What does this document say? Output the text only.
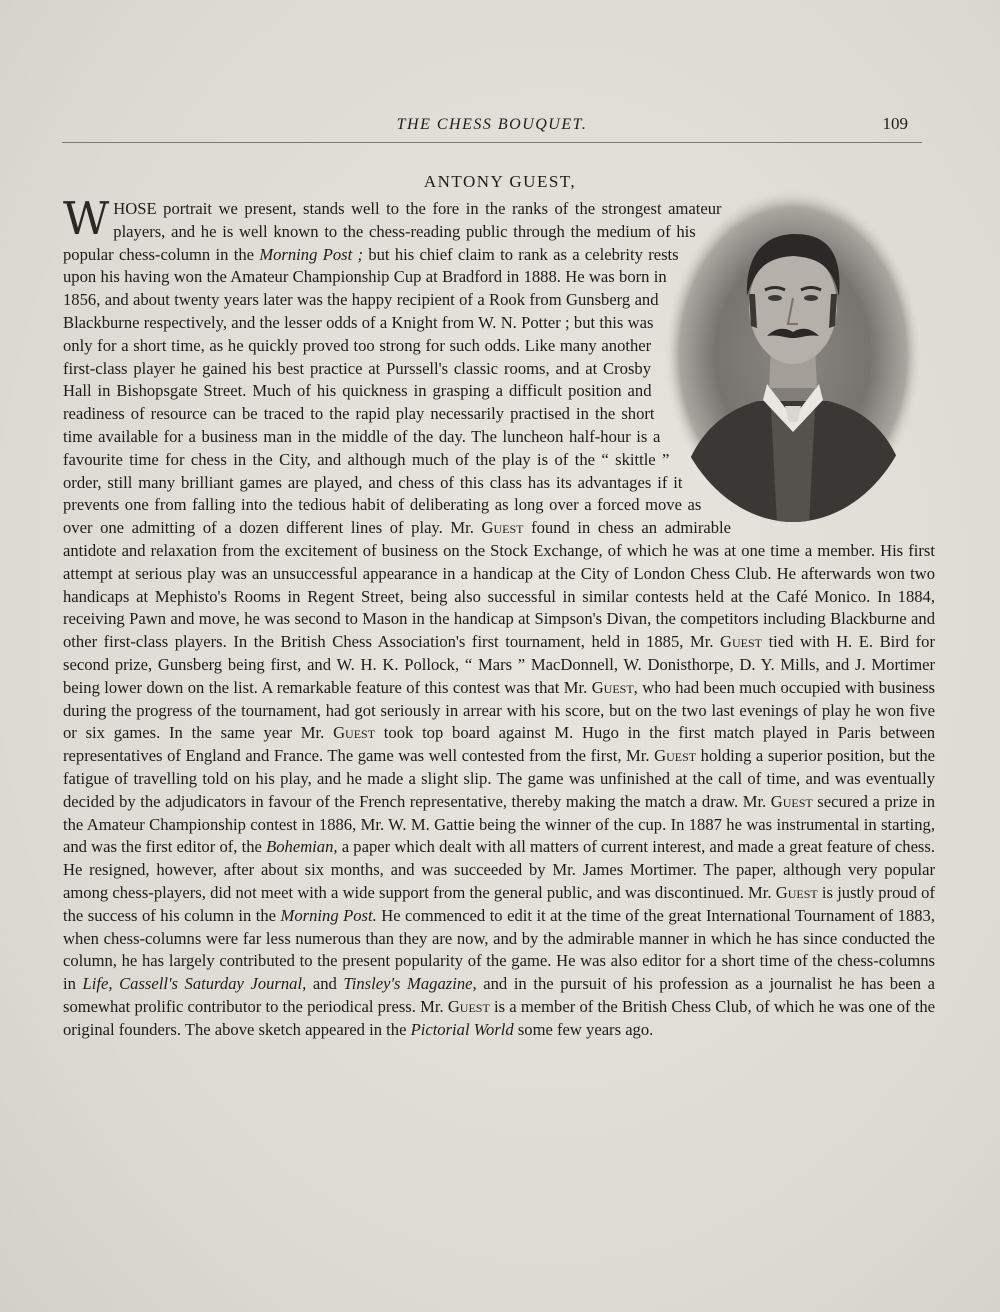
THE CHESS BOUQUET.	109
ANTONY GUEST,
W HOSE portrait we present, stands well to the fore in the ranks of the strongest amateur players, and he is well known to the chess-reading public through the medium of his popular chess-column in the Morning Post ; but his chief claim to rank as a celebrity rests upon his having won the Amateur Championship Cup at Bradford in 1888. He was born in 1856, and about twenty years later was the happy recipient of a Rook from Gunsberg and Blackburne respectively, and the lesser odds of a Knight from W. N. Potter ; but this was only for a short time, as he quickly proved too strong for such odds. Like many another first-class player he gained his best practice at Purssell's classic rooms, and at Crosby Hall in Bishopsgate Street. Much of his quickness in grasping a difficult position and readiness of resource can be traced to the rapid play necessarily practised in the short time available for a business man in the middle of the day. The luncheon half-hour is a favourite time for chess in the City, and although much of the play is of the “ skittle ” order, still many brilliant games are played, and chess of this class has its advantages if it prevents one from falling into the tedious habit of deliberating as long over a forced move as over one admitting of a dozen different lines of play. Mr. Guest found in chess an admirable antidote and relaxation from the excitement of business on the Stock Exchange, of which he was at one time a member. His first attempt at serious play was an unsuccessful appearance in a handicap at the City of London Chess Club. He afterwards won two handicaps at Mephisto's Rooms in Regent Street, being also successful in similar contests held at the Café Monico. In 1884, receiving Pawn and move, he was second to Mason in the handicap at Simpson's Divan, the competitors including Blackburne and other first-class players. In the British Chess Association's first tournament, held in 1885, Mr. Guest tied with H. E. Bird for second prize, Gunsberg being first, and W. H. K. Pollock, “ Mars ” MacDonnell, W. Donisthorpe, D. Y. Mills, and J. Mortimer being lower down on the list. A remarkable feature of this contest was that Mr. Guest, who had been much occupied with business during the progress of the tournament, had got seriously in arrear with his score, but on the two last evenings of play he won five or six games. In the same year Mr. Guest took top board against M. Hugo in the first match played in Paris between representatives of England and France. The game was well contested from the first, Mr. Guest holding a superior position, but the fatigue of travelling told on his play, and he made a slight slip. The game was unfinished at the call of time, and was eventually decided by the adjudicators in favour of the French representative, thereby making the match a draw. Mr. Guest secured a prize in the Amateur Championship contest in 1886, Mr. W. M. Gattie being the winner of the cup. In 1887 he was instrumental in starting, and was the first editor of, the Bohemian, a paper which dealt with all matters of current interest, and made a great feature of chess. He resigned, however, after about six months, and was succeeded by Mr. James Mortimer. The paper, although very popular among chess-players, did not meet with a wide support from the general public, and was discontinued. Mr. Guest is justly proud of the success of his column in the Morning Post. He commenced to edit it at the time of the great International Tournament of 1883, when chess-columns were far less numerous than they are now, and by the admirable manner in which he has since conducted the column, he has largely contributed to the present popularity of the game. He was also editor for a short time of the chess-columns in Life, Cassell's Saturday Journal, and Tinsley's Magazine, and in the pursuit of his profession as a journalist he has been a somewhat prolific contributor to the periodical press. Mr. Guest is a member of the British Chess Club, of which he was one of the original founders. The above sketch appeared in the Pictorial World some few years ago.
